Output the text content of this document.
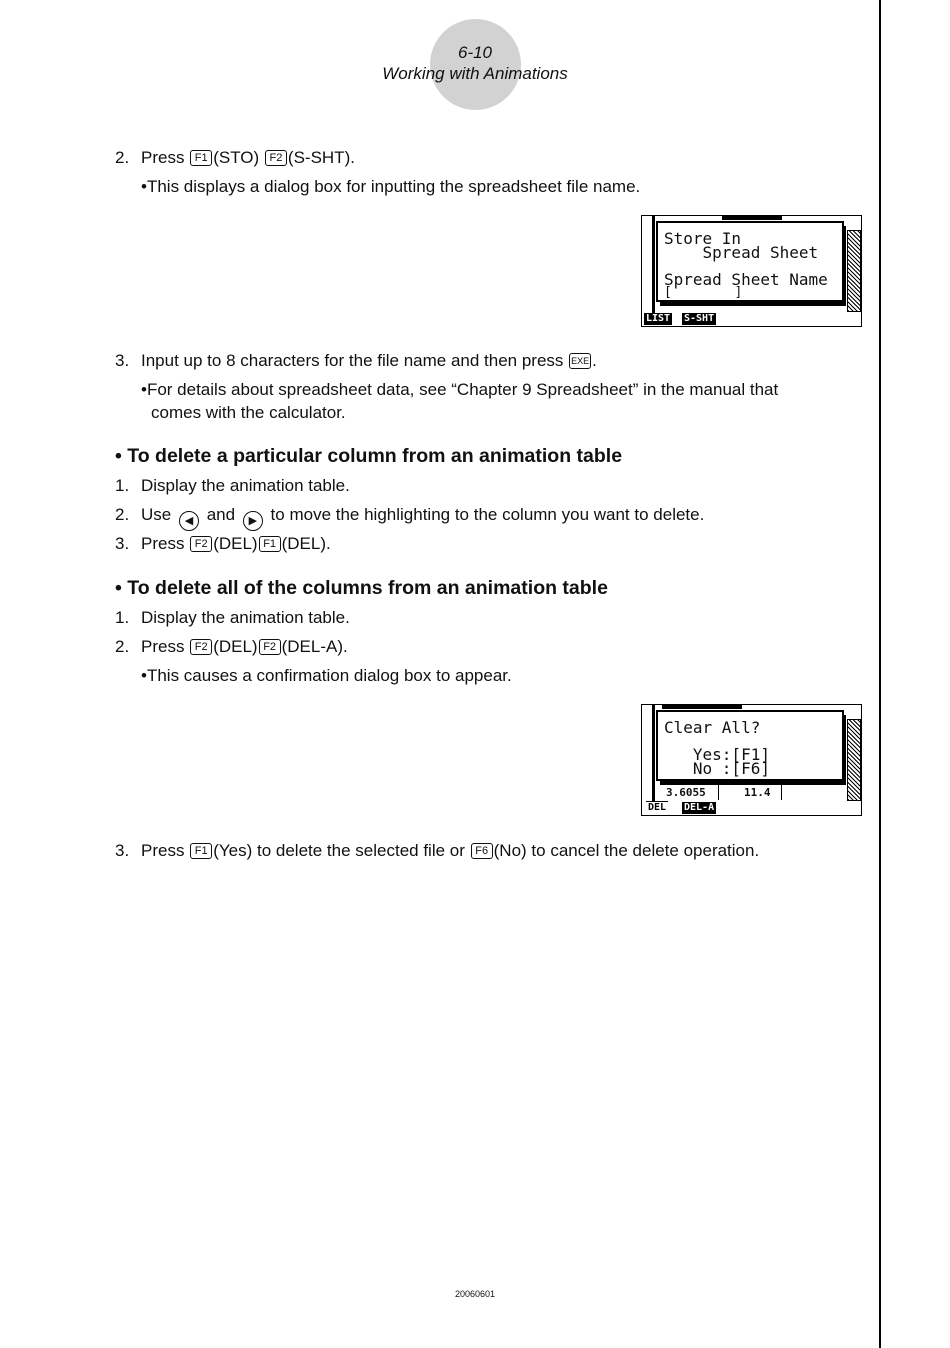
6-10
Working with Animations
2. Press F1 (STO) F2 (S-SHT).
•This displays a dialog box for inputting the spreadsheet file name.
Store In
Spread Sheet
Spread Sheet Name
[        ]
LIST S-SHT
3. Input up to 8 characters for the file name and then press EXE .
•For details about spreadsheet data, see “Chapter 9 Spreadsheet” in the manual that
comes with the calculator.
• To delete a particular column from an animation table
1. Display the animation table.
2. Use ◀ and ▶ to move the highlighting to the column you want to delete.
3. Press F2 (DEL) F1 (DEL).
• To delete all of the columns from an animation table
1. Display the animation table.
2. Press F2 (DEL) F2 (DEL-A).
•This causes a confirmation dialog box to appear.
Clear All?
Yes:[F1]
No :[F6]
3.6055	11.4
DEL DEL-A
3. Press F1 (Yes) to delete the selected file or F6 (No) to cancel the delete operation.
20060601
